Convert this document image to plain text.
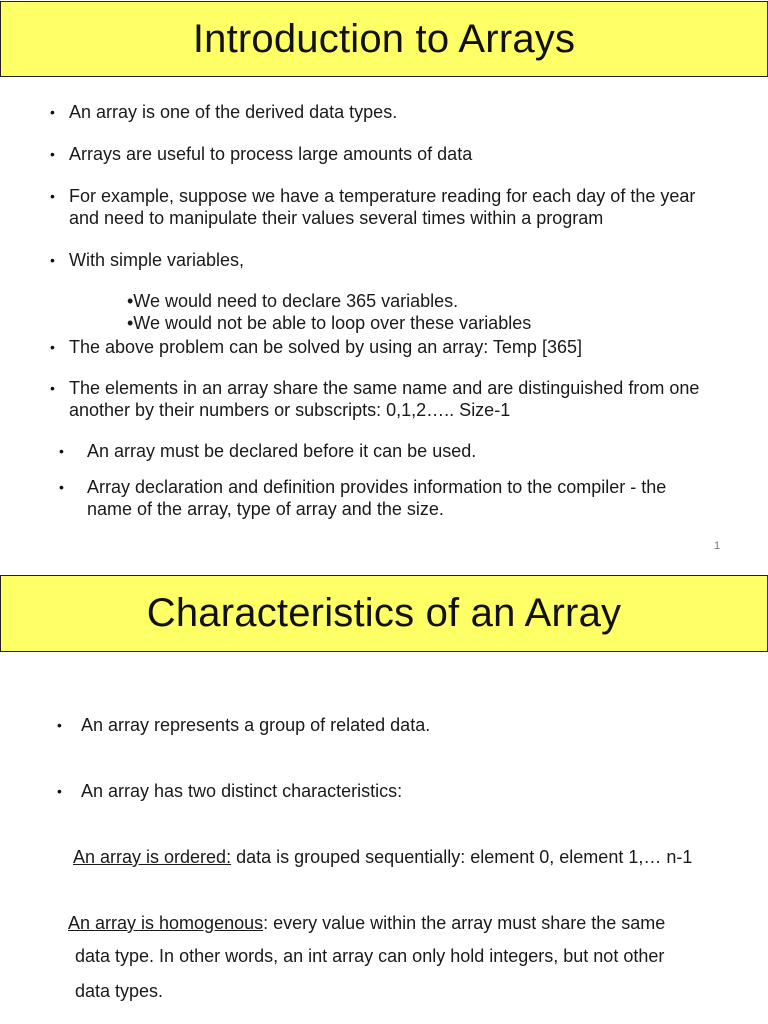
Introduction to Arrays
• An array is one of the derived data types.

• Arrays are useful to process large amounts of data

• For example, suppose we have a temperature reading for each day of the year

and need to manipulate their values several times within a program

• With simple variables,

•We would need to declare 365 variables.

•We would not be able to loop over these variables

• The above problem can be solved by using an array: Temp [365]

• The elements in an array share the same name and are distinguished from one

another by their numbers or subscripts: 0,1,2….. Size-1

• An array must be declared before it can be used.

• Array declaration and definition provides information to the compiler - the

name of the array, type of array and the size.

1
Characteristics of an Array
• An array represents a group of related data.

• An array has two distinct characteristics:

An array is ordered: data is grouped sequentially: element 0, element 1,… n-1

An array is homogenous: every value within the array must share the same

data type. In other words, an int array can only hold integers, but not other

data types.
